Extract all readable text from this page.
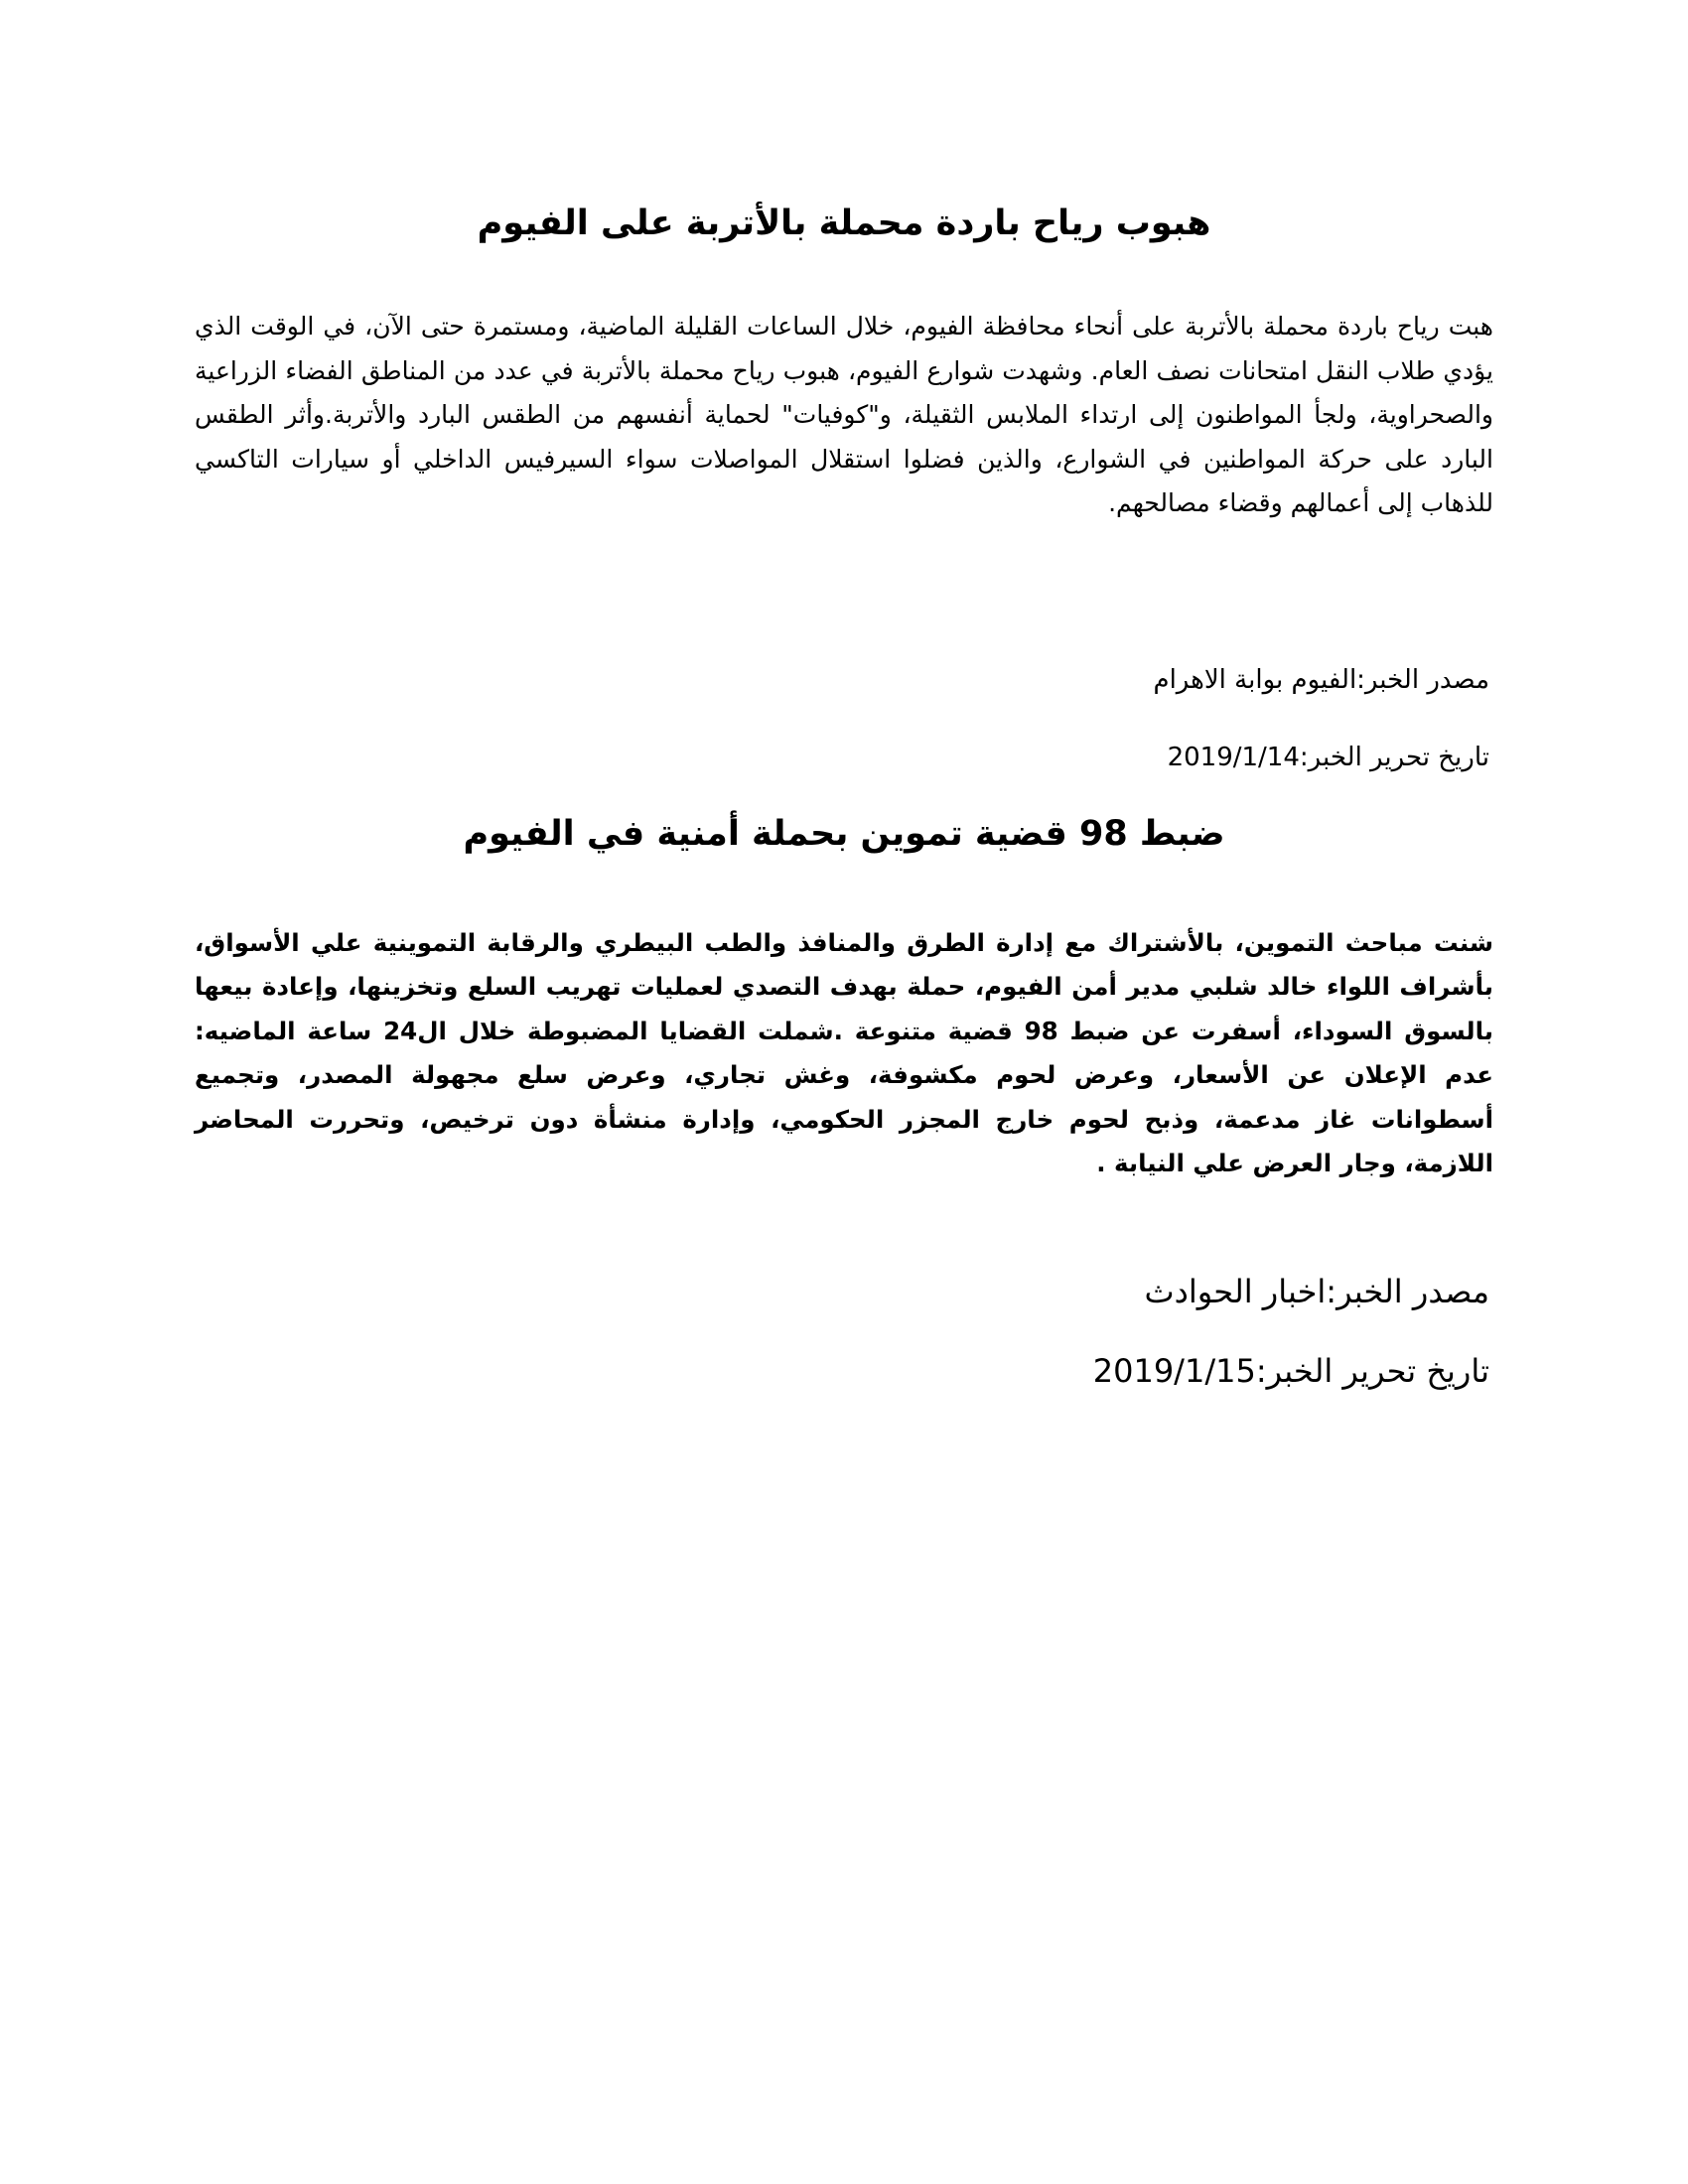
هبوب رياح باردة محملة بالأتربة على الفيوم
هبت رياح باردة محملة بالأتربة على أنحاء محافظة الفيوم، خلال الساعات القليلة الماضية، ومستمرة حتى الآن، في الوقت الذي يؤدي طلاب النقل امتحانات نصف العام. وشهدت شوارع الفيوم، هبوب رياح محملة بالأتربة في عدد من المناطق الفضاء الزراعية والصحراوية، ولجأ المواطنون إلى ارتداء الملابس الثقيلة، و"كوفيات" لحماية أنفسهم من الطقس البارد والأتربة.وأثر الطقس البارد على حركة المواطنين في الشوارع، والذين فضلوا استقلال المواصلات سواء السيرفيس الداخلي أو سيارات التاكسي للذهاب إلى أعمالهم وقضاء مصالحهم.
مصدر الخبر:الفيوم بوابة الاهرام
تاريخ تحرير الخبر:2019/1/14
ضبط 98 قضية تموين بحملة أمنية في الفيوم
شنت مباحث التموين، بالأشتراك مع إدارة الطرق والمنافذ والطب البيطري والرقابة التموينية علي الأسواق، بأشراف اللواء خالد شلبي مدير أمن الفيوم، حملة بهدف التصدي لعمليات تهريب السلع وتخزينها، وإعادة بيعها بالسوق السوداء، أسفرت عن ضبط 98 قضية متنوعة .شملت القضايا المضبوطة خلال ال24 ساعة الماضيه: عدم الإعلان عن الأسعار، وعرض لحوم مكشوفة، وغش تجاري، وعرض سلع مجهولة المصدر، وتجميع أسطوانات غاز مدعمة، وذبح لحوم خارج المجزر الحكومي، وإدارة منشأة دون ترخيص، وتحررت المحاضر اللازمة، وجار العرض علي النيابة .
مصدر الخبر:اخبار الحوادث
تاريخ تحرير الخبر:2019/1/15
